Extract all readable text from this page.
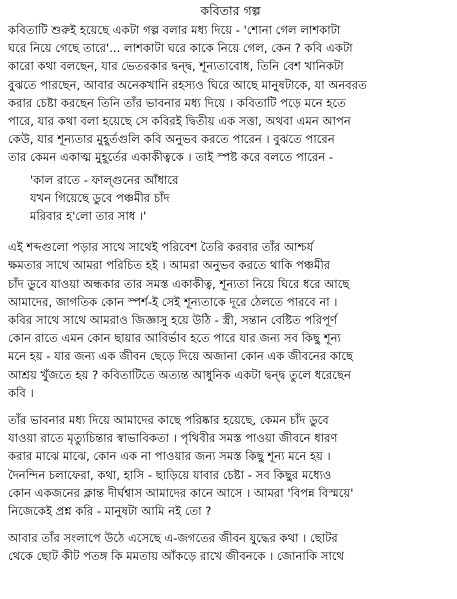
কবিতার গল্প
কবিতাটি শুরুই হয়েছে একটা গল্প বলার মধ্য দিয়ে - 'শোনা গেল লাশকাটা
ঘরে নিয়ে গেছে তারে'... লাশকাটা ঘরে কাকে নিয়ে গেল, কেন ? কবি একটা
কারো কথা বলছেন, যার ভেতরকার দ্বন্দ্ব, শূন্যতাবোধ, তিনি বেশ খানিকটা
বুঝতে পারছেন, আবার অনেকখানি রহস্যও ঘিরে আছে মানুষটাকে, যা অনবরত
করার চেষ্টা করছেন তিনি তাঁর ভাবনার মধ্য দিয়ে । কবিতাটি পড়ে মনে হতে
পারে, যার কথা বলা হয়েছে সে কবিরই দ্বিতীয় এক সত্তা, অথবা এমন আপন
কেউ, যার শূন্যতার মুহূর্তগুলি কবি অনুভব করতে পারেন । বুঝতে পারেন
তার কেমন একাত্ম মুহূর্তের একাকীত্বকে । তাই স্পষ্ট করে বলতে পারেন -
'কাল রাতে - ফাল্গুনের আঁধারে
যখন গিয়েছে ডুবে পঞ্চমীর চাঁদ
মরিবার হ'লো তার সাধ ।'
এই শব্দগুলো পড়ার সাথে সাথেই পরিবেশ তৈরি করবার তাঁর আশ্চর্য
ক্ষমতার সাথে আমরা পরিচিত হই । আমরা অনুভব করতে থাকি পঞ্চমীর
চাঁদ ডুবে যাওয়া অন্ধকার তার সমস্ত একাকীত্ব, শূন্যতা নিয়ে ঘিরে ধরে আছে
আমাদের, জাগতিক কোন স্পর্শ-ই সেই শূন্যতাকে দূরে ঠেলতে পারবে না ।
কবির সাথে সাথে আমরাও জিজ্ঞাসু হয়ে উঠি - স্ত্রী, সন্তান বেষ্টিত পরিপূর্ণ
কোন রাতে এমন কোন ছায়ার আবির্ভাব হতে পারে যার জন্য সব কিছু শূন্য
মনে হয় - যার জন্য এক জীবন ছেড়ে দিয়ে অজানা কোন এক জীবনের কাছে
আশ্রয় খুঁজতে হয় ? কবিতাটিতে অত্যন্ত আধুনিক একটা দ্বন্দ্ব তুলে ধরেছেন
কবি ।
তাঁর ভাবনার মধ্য দিয়ে আমাদের কাছে পরিষ্কার হয়েছে, কেমন চাঁদ ডুবে
যাওয়া রাতে মৃত্যুচিন্তার স্বাভাবিকতা । পৃথিবীর সমস্ত পাওয়া জীবনে ধারণ
করার মাঝে মাঝে, কোন এক না পাওয়ার জন্য সমস্ত কিছু শূন্য মনে হয় ।
দৈনন্দিন চলাফেরা, কথা, হাসি - ছাড়িয়ে যাবার চেষ্টা - সব কিছুর মধ্যেও
কোন একজনের ক্লান্ত দীর্ঘশ্বাস আমাদের কানে আসে । আমরা 'বিপন্ন বিস্ময়ে'
নিজেকেই প্রশ্ন করি - মানুষটা আমি নই তো ?
আবার তাঁর সংলাপে উঠে এসেছে এ-জগতের জীবন যুদ্ধের কথা । ছোটর
থেকে ছোট কীট পতঙ্গ কি মমতায় আঁকড়ে রাখে জীবনকে । জোনাকি সাথে
